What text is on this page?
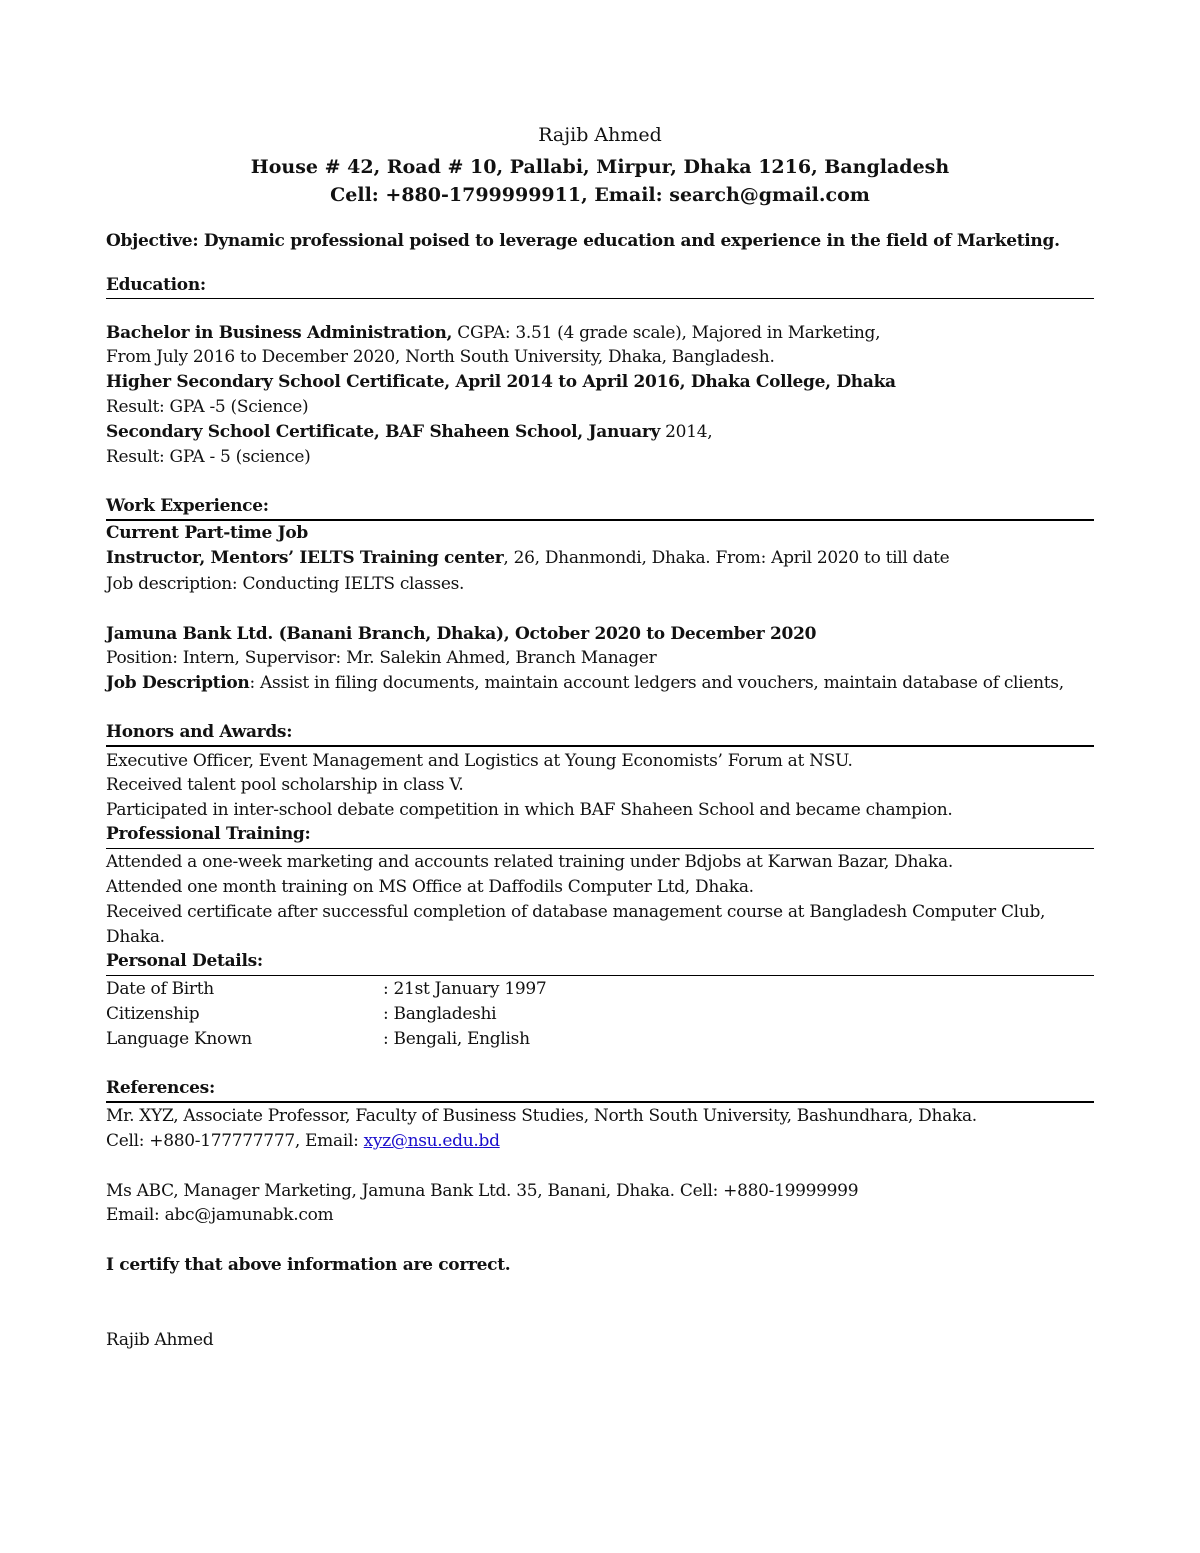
Rajib Ahmed
House # 42, Road # 10, Pallabi, Mirpur, Dhaka 1216, Bangladesh
Cell: +880-1799999911, Email: search@gmail.com
Objective: Dynamic professional poised to leverage education and experience in the field of Marketing.
Education:
Bachelor in Business Administration, CGPA: 3.51 (4 grade scale), Majored in Marketing,
From July 2016 to December 2020, North South University, Dhaka, Bangladesh.
Higher Secondary School Certificate, April 2014 to April 2016, Dhaka College, Dhaka
Result: GPA -5 (Science)
Secondary School Certificate, BAF Shaheen School, January 2014,
Result: GPA - 5 (science)
Work Experience:
Current Part-time Job
Instructor, Mentors’ IELTS Training center, 26, Dhanmondi, Dhaka. From: April 2020 to till date
Job description: Conducting IELTS classes.
Jamuna Bank Ltd. (Banani Branch, Dhaka), October 2020 to December 2020
Position: Intern, Supervisor: Mr. Salekin Ahmed, Branch Manager
Job Description: Assist in filing documents, maintain account ledgers and vouchers, maintain database of clients,
Honors and Awards:
Executive Officer, Event Management and Logistics at Young Economists’ Forum at NSU.
Received talent pool scholarship in class V.
Participated in inter-school debate competition in which BAF Shaheen School and became champion.
Professional Training:
Attended a one-week marketing and accounts related training under Bdjobs at Karwan Bazar, Dhaka.
Attended one month training on MS Office at Daffodils Computer Ltd, Dhaka.
Received certificate after successful completion of database management course at Bangladesh Computer Club,
Dhaka.
Personal Details:
Date of Birth	: 21st January 1997
Citizenship	: Bangladeshi
Language Known	: Bengali, English
References:
Mr. XYZ, Associate Professor, Faculty of Business Studies, North South University, Bashundhara, Dhaka.
Cell: +880-177777777, Email: xyz@nsu.edu.bd
Ms ABC, Manager Marketing, Jamuna Bank Ltd. 35, Banani, Dhaka. Cell: +880-19999999
Email: abc@jamunabk.com
I certify that above information are correct.
Rajib Ahmed
